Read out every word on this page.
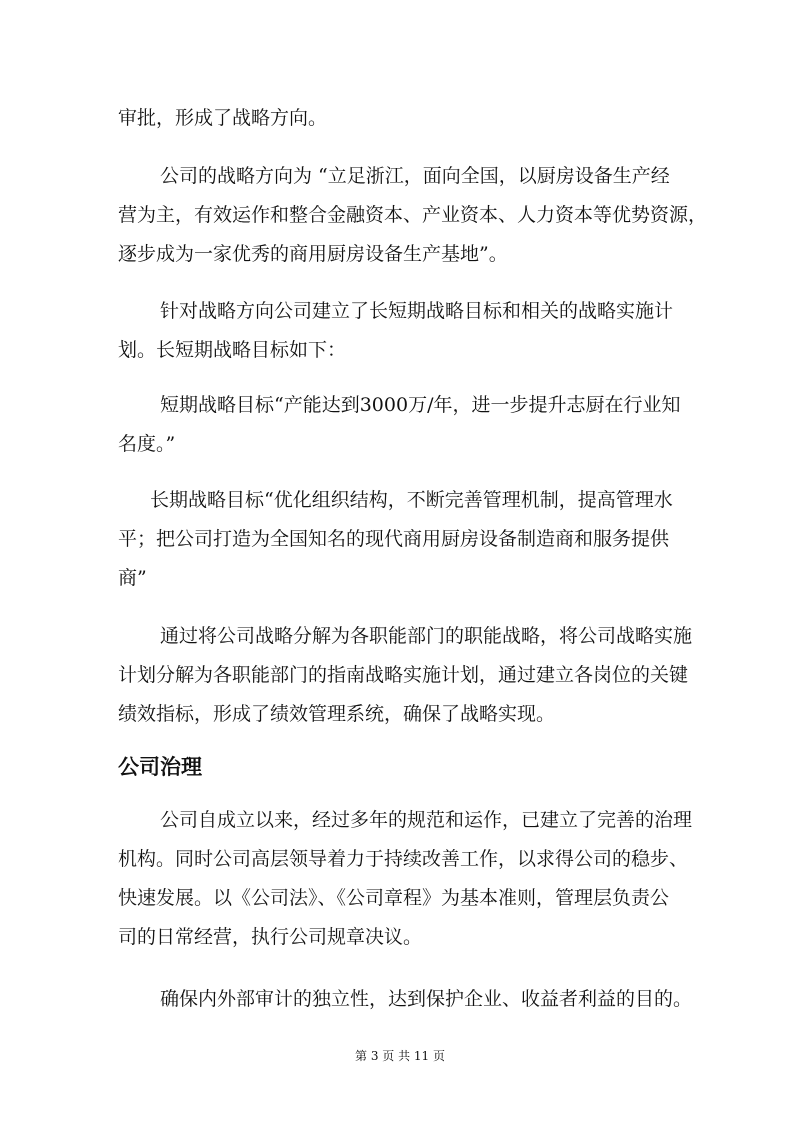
审批，形成了战略方向。

公司的战略方向为 “立足浙江，面向全国，以厨房设备生产经
营为主，有效运作和整合金融资本、产业资本、人力资本等优势资源，
逐步成为一家优秀的商用厨房设备生产基地”。

针对战略方向公司建立了长短期战略目标和相关的战略实施计
划。长短期战略目标如下：

短期战略目标“产能达到3000万/年，进一步提升志厨在行业知
名度。”

长期战略目标“优化组织结构，不断完善管理机制，提高管理水
平；把公司打造为全国知名的现代商用厨房设备制造商和服务提供
商”

通过将公司战略分解为各职能部门的职能战略，将公司战略实施
计划分解为各职能部门的指南战略实施计划，通过建立各岗位的关键
绩效指标，形成了绩效管理系统，确保了战略实现。

公司治理

公司自成立以来，经过多年的规范和运作，已建立了完善的治理
机构。同时公司高层领导着力于持续改善工作，以求得公司的稳步、
快速发展。以《公司法》、《公司章程》为基本准则，管理层负责公
司的日常经营，执行公司规章决议。

确保内外部审计的独立性，达到保护企业、收益者利益的目的。

第 3 页 共 11 页
